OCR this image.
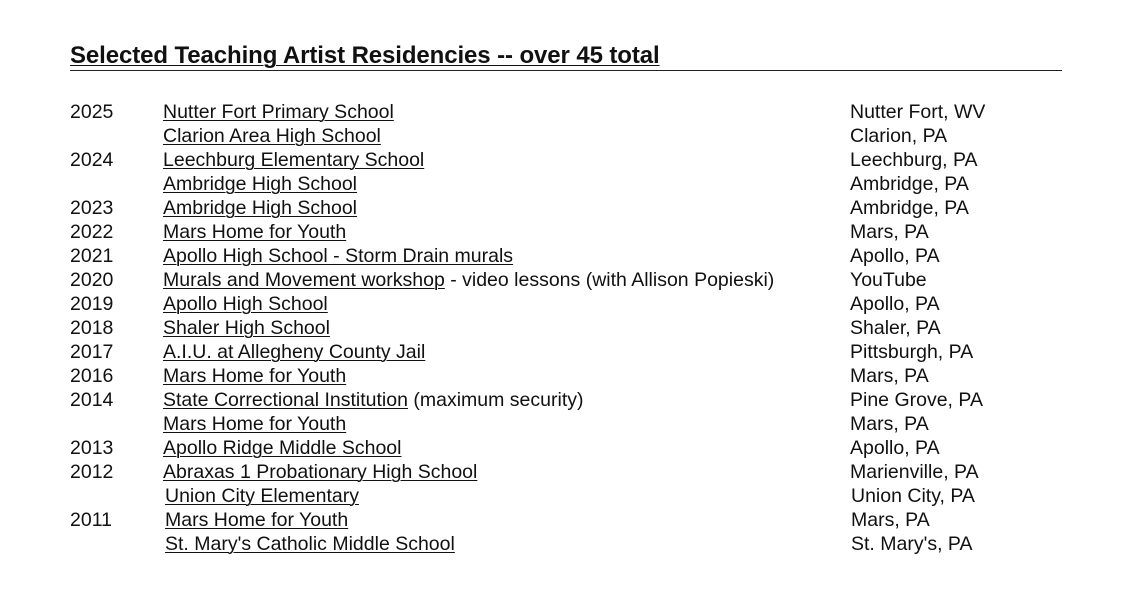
Selected Teaching Artist Residencies -- over 45 total
2025	Nutter Fort Primary School	Nutter Fort, WV
Clarion Area High School	Clarion, PA
2024	Leechburg Elementary School	Leechburg, PA
Ambridge High School	Ambridge, PA
2023	Ambridge High School	Ambridge, PA
2022	Mars Home for Youth	Mars, PA
2021	Apollo High School - Storm Drain murals	Apollo, PA
2020	Murals and Movement workshop - video lessons (with Allison Popieski)	YouTube
2019	Apollo High School	Apollo, PA
2018	Shaler High School	Shaler, PA
2017	A.I.U. at Allegheny County Jail	Pittsburgh, PA
2016	Mars Home for Youth	Mars, PA
2014	State Correctional Institution (maximum security)	Pine Grove, PA
Mars Home for Youth	Mars, PA
2013	Apollo Ridge Middle School	Apollo, PA
2012	Abraxas 1 Probationary High School	Marienville, PA
Union City Elementary	Union City, PA
2011	Mars Home for Youth	Mars, PA
St. Mary's Catholic Middle School	St. Mary's, PA
